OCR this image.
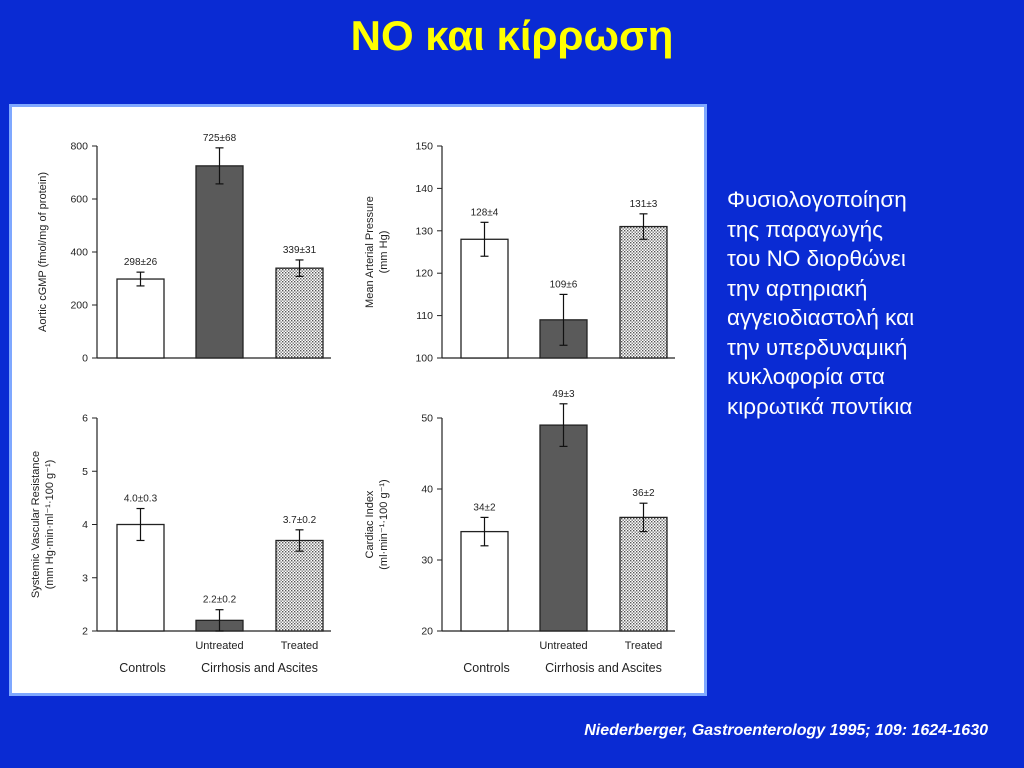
NO και κίρρωση
0
200
400
600
800
Aortic cGMP (fmol/mg of protein)	298±26
725±68
339±31
100
110
120
130
140
150
Mean Arterial Pressure (mm Hg)
128±4
109±6
131±3
2
3
4
5
6
Systemic Vascular Resistance (mm Hg·min·ml⁻¹·100 g⁻¹)	4.0±0.3
2.2±0.2
3.7±0.2
20
30
40
50
Cardiac Index (ml·min⁻¹·100 g⁻¹)	34±2
49±3
36±2
Untreated	Treated
Controls	Cirrhosis and Ascites
Untreated	Treated
Controls	Cirrhosis and Ascites
Φυσιολογοποίηση
της παραγωγής
του NO διορθώνει
την αρτηριακή
αγγειοδιαστολή και
την υπερδυναμική
κυκλοφορία στα
κιρρωτικά ποντίκια
Niederberger, Gastroenterology 1995; 109: 1624-1630
